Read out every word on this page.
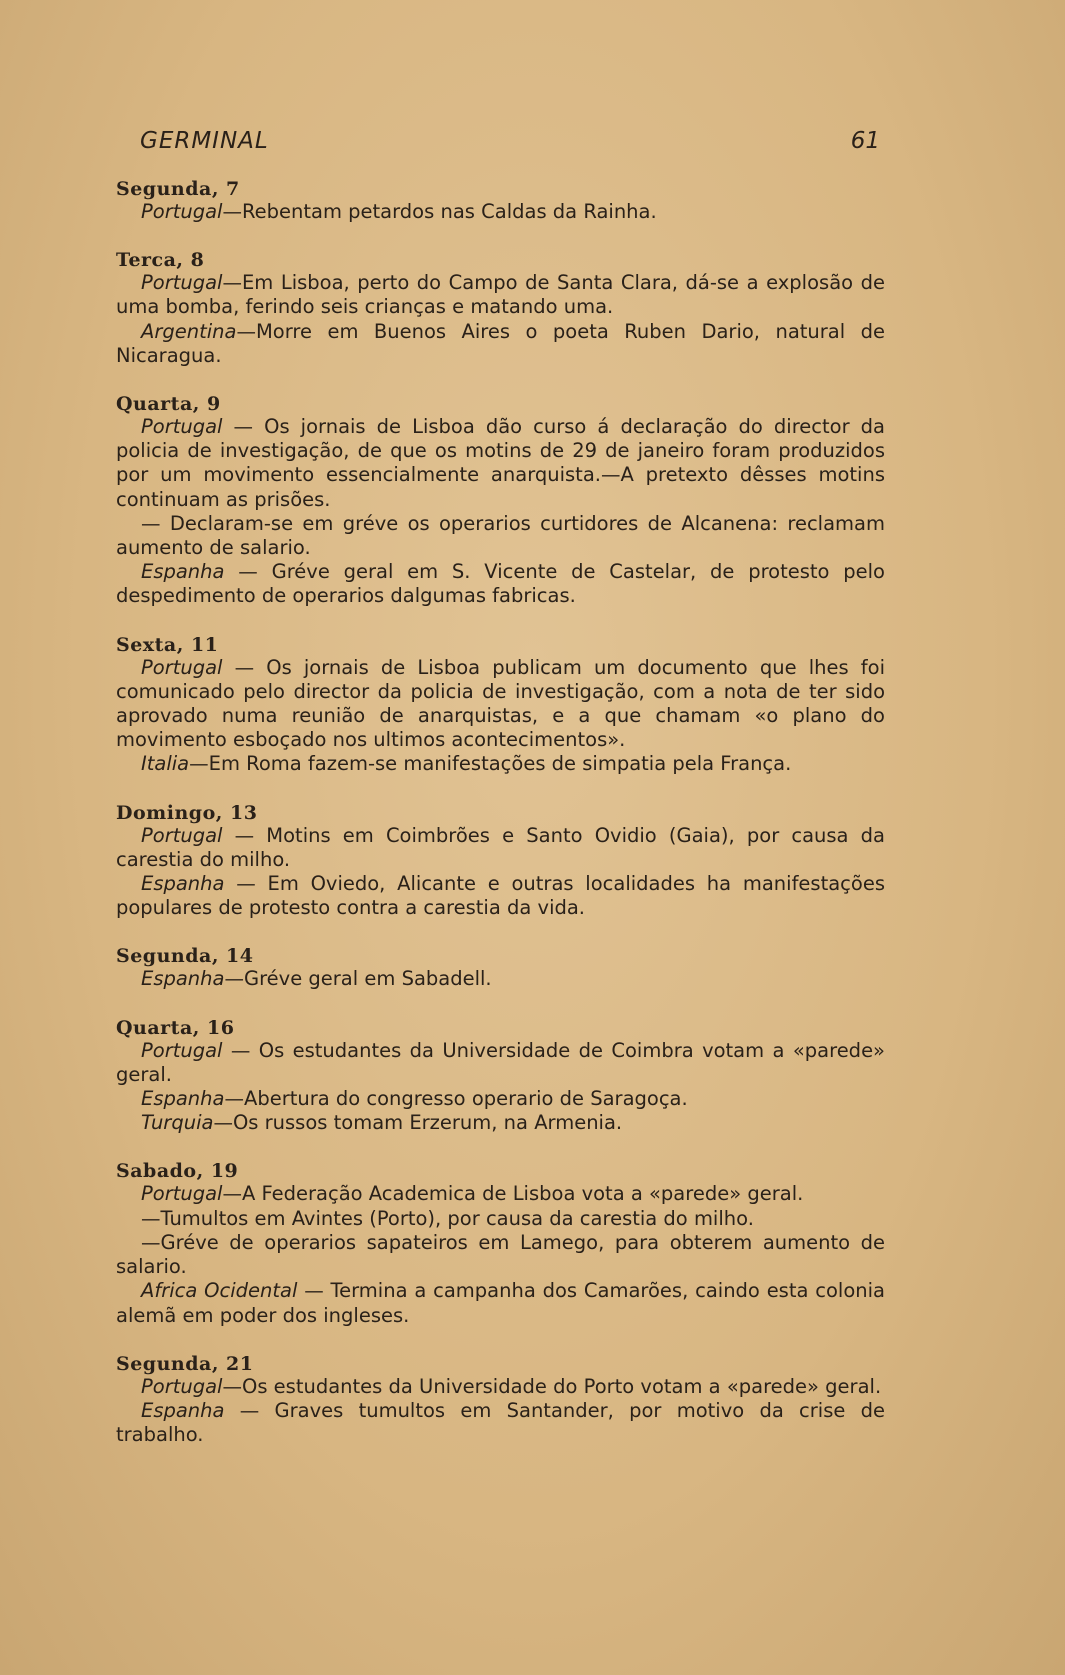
GERMINAL	61
Segunda, 7
Portugal—Rebentam petardos nas Caldas da Rainha.
Terca, 8
Portugal—Em Lisboa, perto do Campo de Santa Clara, dá-se a explosão de uma bomba, ferindo seis crianças e matando uma.
Argentina—Morre em Buenos Aires o poeta Ruben Dario, natural de Nicaragua.
Quarta, 9
Portugal — Os jornais de Lisboa dão curso á declaração do director da policia de investigação, de que os motins de 29 de janeiro foram produzidos por um movimento essencialmente anarquista.—A pretexto dêsses motins continuam as prisões.
— Declaram-se em gréve os operarios curtidores de Alcanena: reclamam aumento de salario.
Espanha — Gréve geral em S. Vicente de Castelar, de protesto pelo despedimento de operarios dalgumas fabricas.
Sexta, 11
Portugal — Os jornais de Lisboa publicam um documento que lhes foi comunicado pelo director da policia de investigação, com a nota de ter sido aprovado numa reunião de anarquistas, e a que chamam «o plano do movimento esboçado nos ultimos acontecimentos».
Italia—Em Roma fazem-se manifestações de simpatia pela França.
Domingo, 13
Portugal — Motins em Coimbrões e Santo Ovidio (Gaia), por causa da carestia do milho.
Espanha — Em Oviedo, Alicante e outras localidades ha manifestações populares de protesto contra a carestia da vida.
Segunda, 14
Espanha—Gréve geral em Sabadell.
Quarta, 16
Portugal — Os estudantes da Universidade de Coimbra votam a «parede» geral.
Espanha—Abertura do congresso operario de Saragoça.
Turquia—Os russos tomam Erzerum, na Armenia.
Sabado, 19
Portugal—A Federação Academica de Lisboa vota a «parede» geral.
—Tumultos em Avintes (Porto), por causa da carestia do milho.
—Gréve de operarios sapateiros em Lamego, para obterem aumento de salario.
Africa Ocidental — Termina a campanha dos Camarões, caindo esta colonia alemã em poder dos ingleses.
Segunda, 21
Portugal—Os estudantes da Universidade do Porto votam a «parede» geral.
Espanha — Graves tumultos em Santander, por motivo da crise de trabalho.
